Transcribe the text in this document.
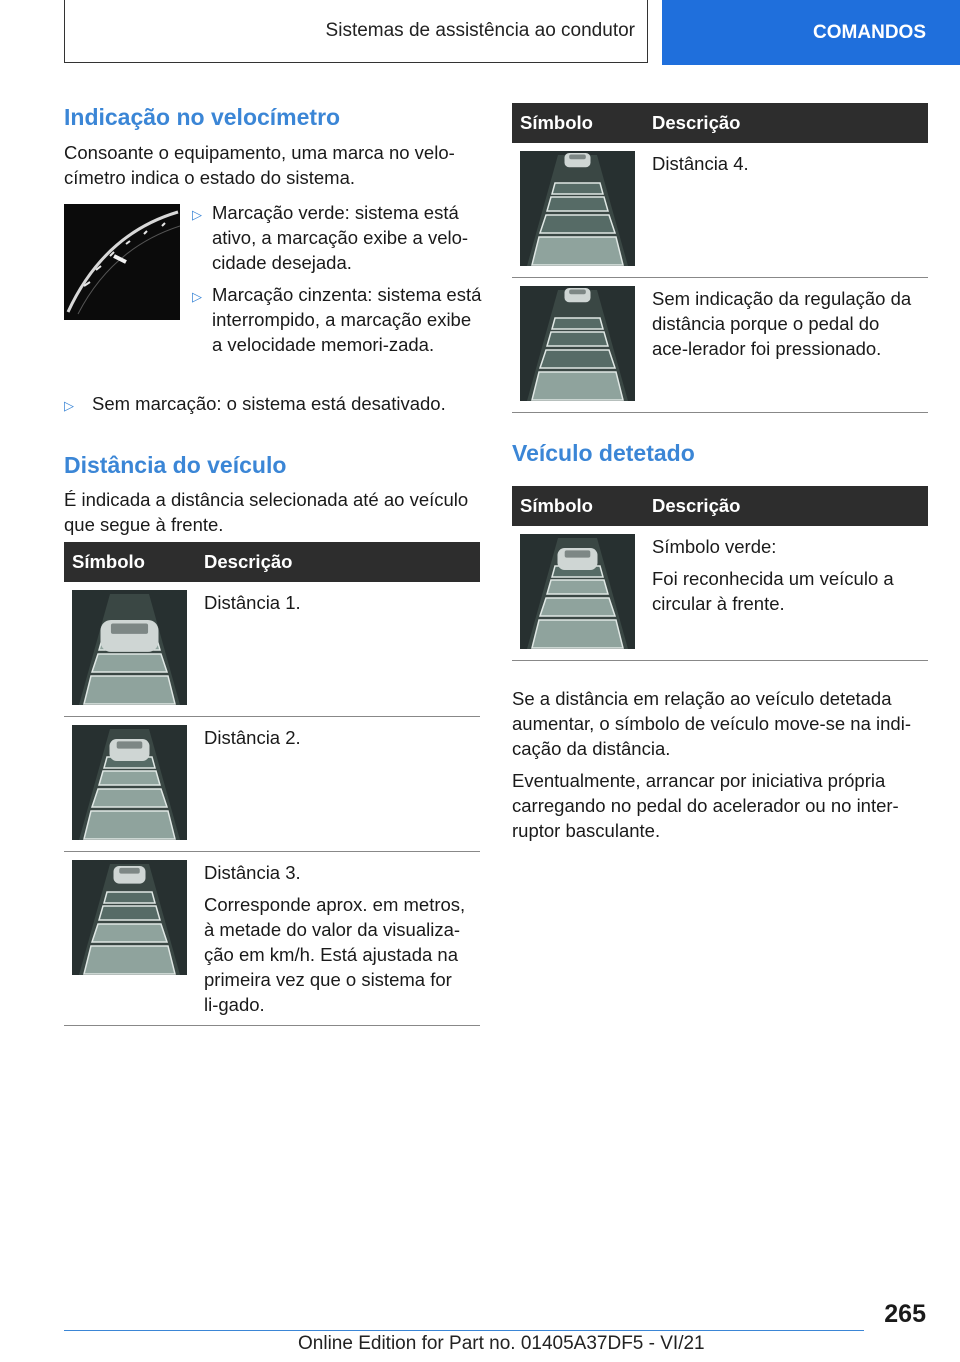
Sistemas de assistência ao condutor	COMANDOS
Indicação no velocímetro

Consoante o equipamento, uma marca no velo-címetro indica o estado do sistema.

▷ Marcação verde: sistema está ativo, a marcação exibe a velo-cidade desejada.
▷ Marcação cinzenta: sistema está interrompido, a marcação exibe a velocidade memori-zada.
▷ Sem marcação: o sistema está desativado.
Distância do veículo

É indicada a distância selecionada até ao veículo que segue à frente.

Símbolo	Descrição

Distância 1.

Distância 2.

Distância 3.
Corresponde aprox. em metros, à metade do valor da visualiza-ção em km/h. Está ajustada na primeira vez que o sistema for li-gado.
Símbolo	Descrição

Distância 4.

Sem indicação da regulação da distância porque o pedal do ace-lerador foi pressionado.
Veículo detetado
Símbolo	Descrição

Símbolo verde:
Foi reconhecida um veículo a circular à frente.

Se a distância em relação ao veículo detetada aumentar, o símbolo de veículo move-se na indi-cação da distância.

Eventualmente, arrancar por iniciativa própria carregando no pedal do acelerador ou no inter-ruptor basculante.

265
Online Edition for Part no. 01405A37DF5 - VI/21
